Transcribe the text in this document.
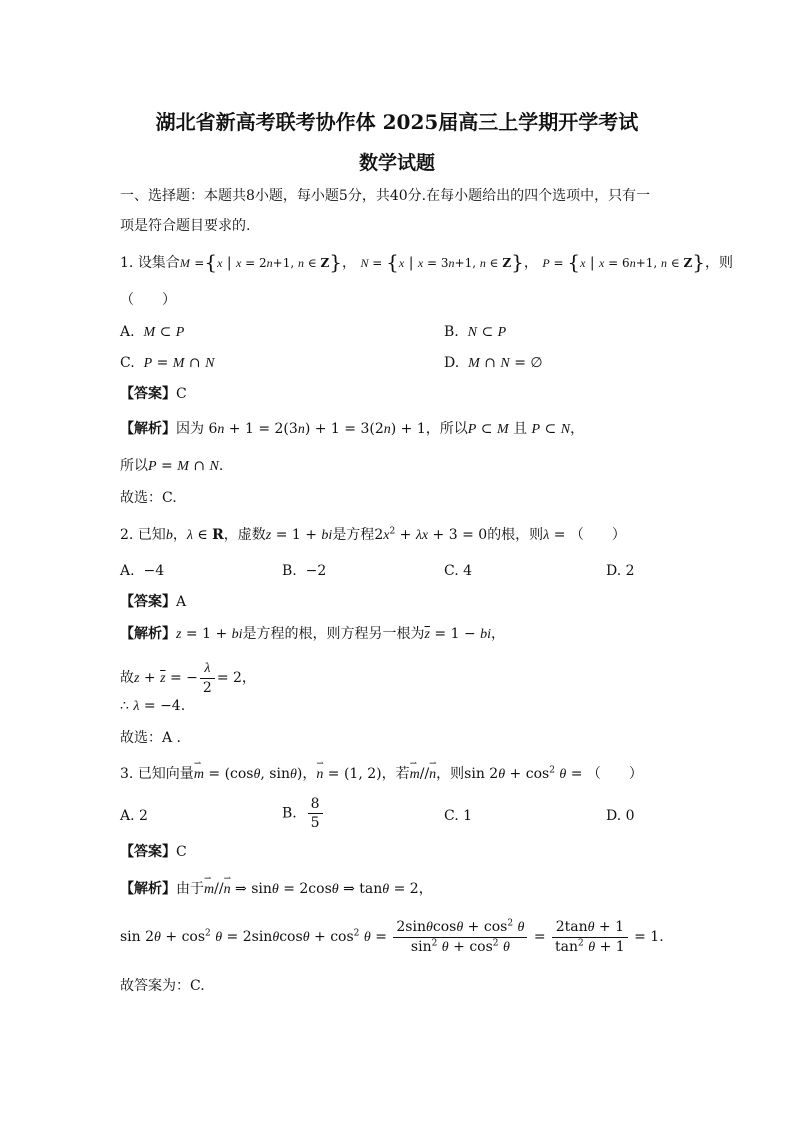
湖北省新高考联考协作体 2025届高三上学期开学考试
数学试题
一、选择题：本题共8小题，每小题5分，共40分.在每小题给出的四个选项中，只有一
项是符合题目要求的.
1. 设集合M ={x | x = 2n+1, n ∈ Z}， N = {x | x = 3n+1, n ∈ Z}， P = {x | x = 6n+1, n ∈ Z}，则
（　　）
A. M ⊂ P	B. N ⊂ P
C. P = M ∩ N	D. M ∩ N = ∅
【答案】C
【解析】因为 6n + 1 = 2(3n) + 1 = 3(2n) + 1，所以P ⊂ M 且 P ⊂ N，
所以P = M ∩ N.
故选：C.
2. 已知b，λ ∈ R，虚数z = 1 + bi是方程$2x^2 + \lambda x + 3 = 0$的根，则λ = （　　）
A.  −4	B.  −2	C. 4	D. 2
【答案】A
【解析】z = 1 + bi是方程的根，则方程另一根为$\overline{z} = 1$ − bi，
故$z + \overline{z}$ = − $\frac{\lambda}{2} = 2$，
∴ λ = −4.
故选：A .
3. 已知向量⇀ m = (cosθ, sinθ)，⇀ n = (1, 2)，若⇀ m//⇀ n，则$\sin 2\theta + \cos^2 \theta$ = （　　）
A. 2	B. $\frac{8}{5}$	C. 1	D. 0
【答案】C
【解析】由于⇀ m//⇀ n ⇒ sinθ = 2cosθ ⇒ tanθ = 2，
$\sin 2\theta + \cos^2 \theta = 2\sin\theta\cos\theta + \cos^2 \theta = \frac{2\sin\theta\cos\theta + \cos^2 \theta}{\sin^2 \theta + \cos^2 \theta} = \frac{2\tan\theta + 1}{\tan^2 \theta + 1} = 1$.
故答案为：C.
